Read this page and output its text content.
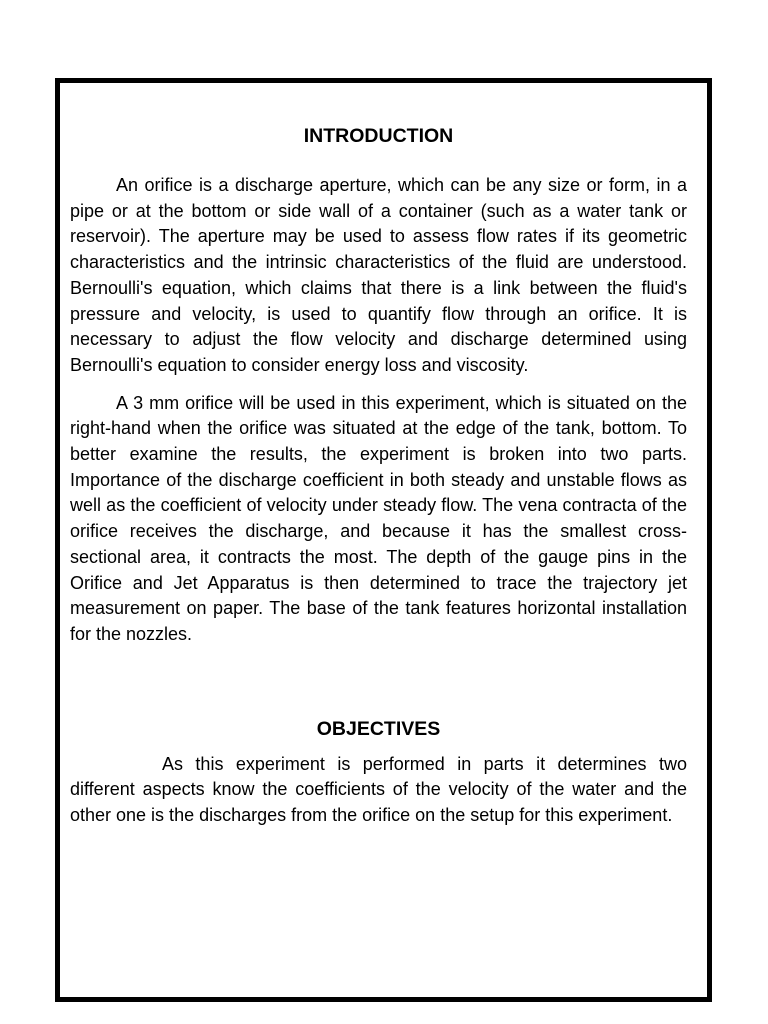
INTRODUCTION

An orifice is a discharge aperture, which can be any size or form, in a pipe or at the bottom or side wall of a container (such as a water tank or reservoir). The aperture may be used to assess flow rates if its geometric characteristics and the intrinsic characteristics of the fluid are understood. Bernoulli's equation, which claims that there is a link between the fluid's pressure and velocity, is used to quantify flow through an orifice. It is necessary to adjust the flow velocity and discharge determined using Bernoulli's equation to consider energy loss and viscosity.

A 3 mm orifice will be used in this experiment, which is situated on the right-hand when the orifice was situated at the edge of the tank, bottom. To better examine the results, the experiment is broken into two parts. Importance of the discharge coefficient in both steady and unstable flows as well as the coefficient of velocity under steady flow. The vena contracta of the orifice receives the discharge, and because it has the smallest cross-sectional area, it contracts the most. The depth of the gauge pins in the Orifice and Jet Apparatus is then determined to trace the trajectory jet measurement on paper. The base of the tank features horizontal installation for the nozzles.

OBJECTIVES

As this experiment is performed in parts it determines two different aspects know the coefficients of the velocity of the water and the other one is the discharges from the orifice on the setup for this experiment.
